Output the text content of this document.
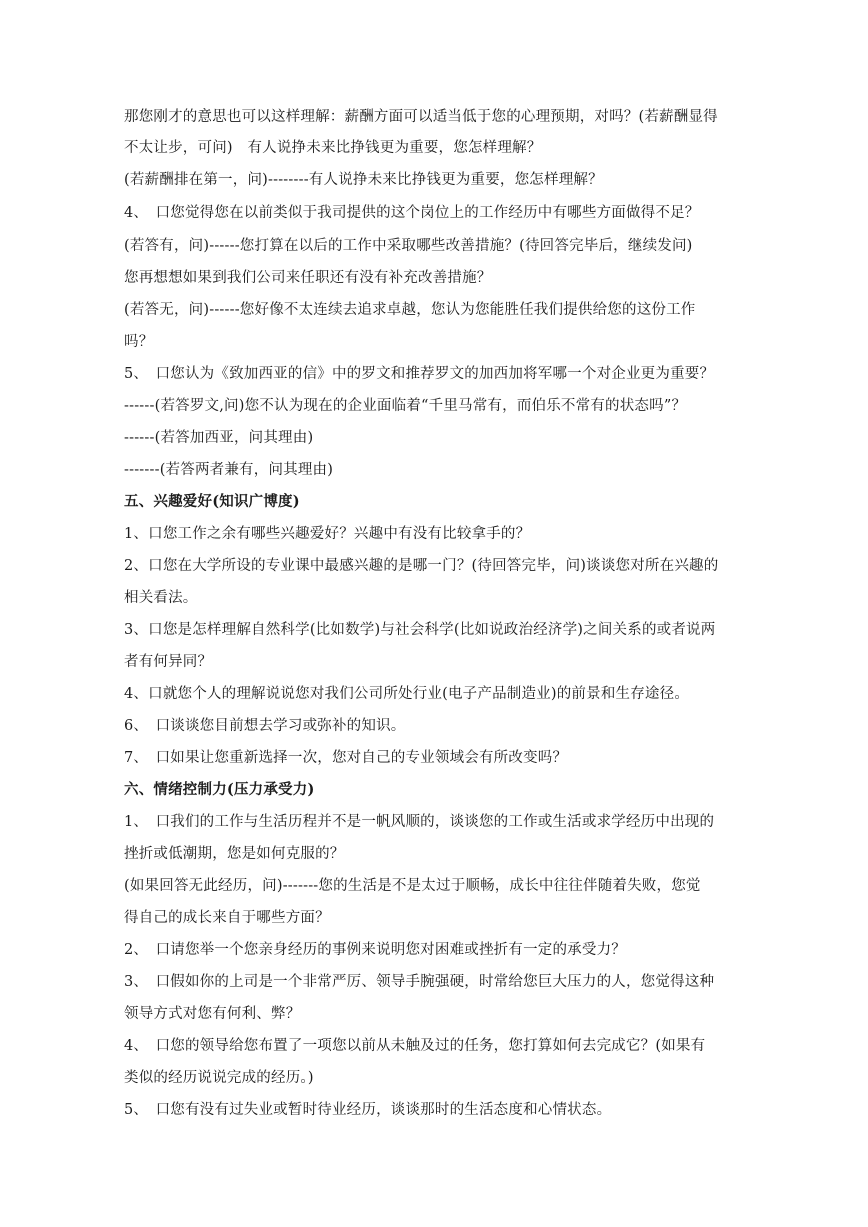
那您刚才的意思也可以这样理解：薪酬方面可以适当低于您的心理预期，对吗？(若薪酬显得
不太让步，可问)　有人说挣未来比挣钱更为重要，您怎样理解？
(若薪酬排在第一，问)--------有人说挣未来比挣钱更为重要，您怎样理解？
4、　口您觉得您在以前类似于我司提供的这个岗位上的工作经历中有哪些方面做得不足？
(若答有，问)------您打算在以后的工作中采取哪些改善措施？(待回答完毕后，继续发问)
您再想想如果到我们公司来任职还有没有补充改善措施？
(若答无，问)------您好像不太连续去追求卓越，您认为您能胜任我们提供给您的这份工作
吗？
5、　口您认为《致加西亚的信》中的罗文和推荐罗文的加西加将军哪一个对企业更为重要？
------(若答罗文,问)您不认为现在的企业面临着“千里马常有，而伯乐不常有的状态吗”？
------(若答加西亚，问其理由)
-------(若答两者兼有，问其理由)
五、兴趣爱好(知识广博度)
1、口您工作之余有哪些兴趣爱好？兴趣中有没有比较拿手的？
2、口您在大学所设的专业课中最感兴趣的是哪一门？(待回答完毕，问)谈谈您对所在兴趣的
相关看法。
3、口您是怎样理解自然科学(比如数学)与社会科学(比如说政治经济学)之间关系的或者说两
者有何异同？
4、口就您个人的理解说说您对我们公司所处行业(电子产品制造业)的前景和生存途径。
6、　口谈谈您目前想去学习或弥补的知识。
7、　口如果让您重新选择一次，您对自己的专业领域会有所改变吗？
六、情绪控制力(压力承受力)
1、　口我们的工作与生活历程并不是一帆风顺的，谈谈您的工作或生活或求学经历中出现的
挫折或低潮期，您是如何克服的？
(如果回答无此经历，问)-------您的生活是不是太过于顺畅，成长中往往伴随着失败，您觉
得自己的成长来自于哪些方面？
2、　口请您举一个您亲身经历的事例来说明您对困难或挫折有一定的承受力？
3、　口假如你的上司是一个非常严厉、领导手腕强硬，时常给您巨大压力的人，您觉得这种
领导方式对您有何利、弊？
4、　口您的领导给您布置了一项您以前从未触及过的任务，您打算如何去完成它？(如果有
类似的经历说说完成的经历。)
5、　口您有没有过失业或暂时待业经历，谈谈那时的生活态度和心情状态。
